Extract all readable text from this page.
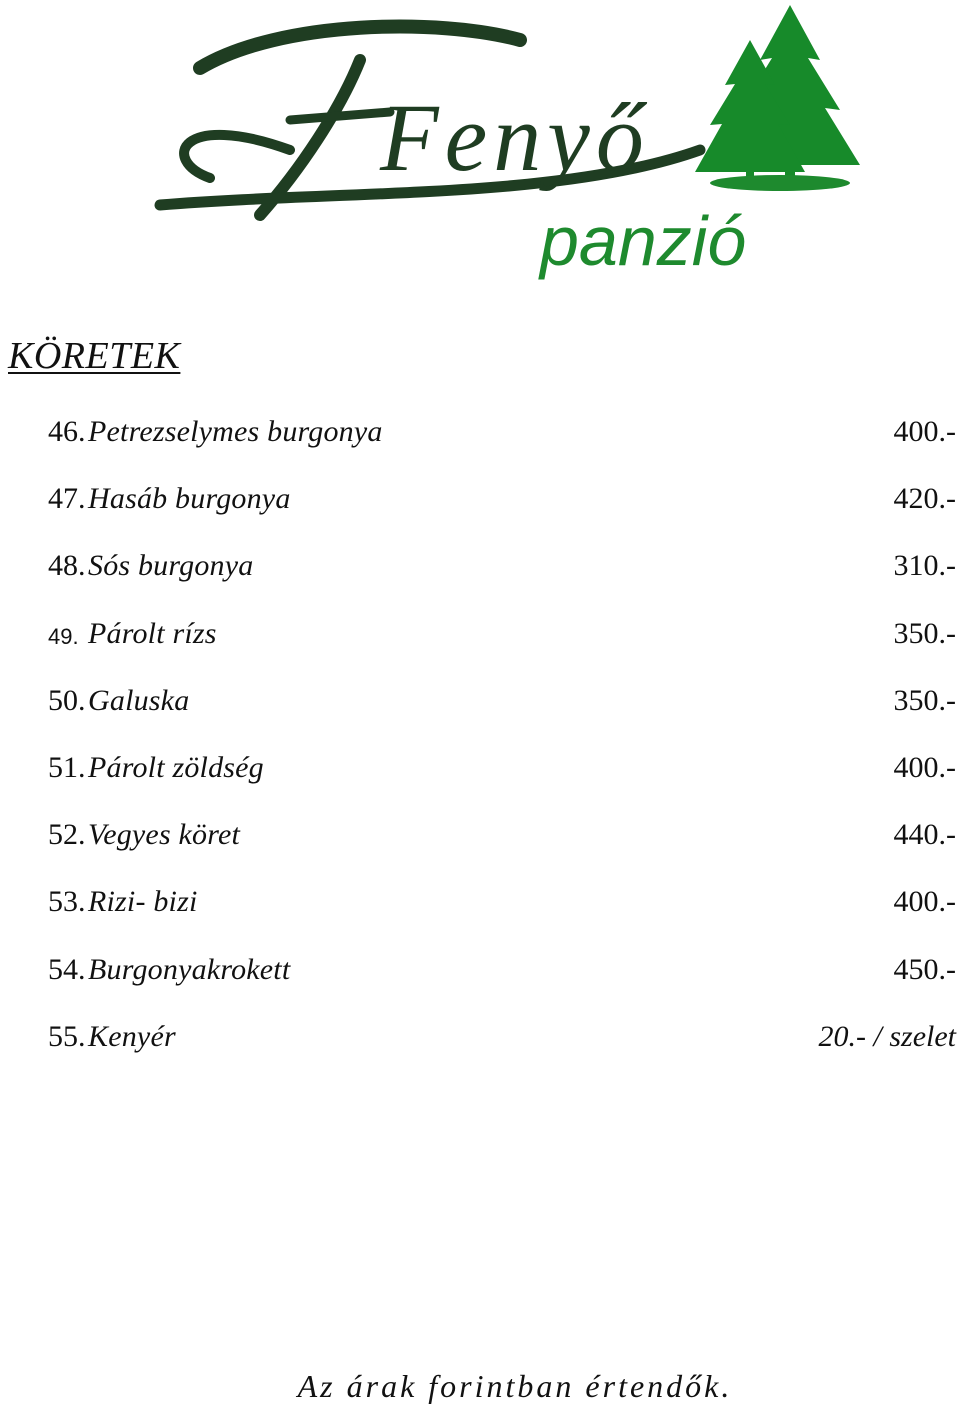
Fenyő
panzió
KÖRETEK
46. Petrezselymes burgonya	400.-
47. Hasáb burgonya	420.-
48. Sós burgonya	310.-
49. Párolt rízs	350.-
50. Galuska	350.-
51. Párolt zöldség	400.-
52. Vegyes köret	440.-
53. Rizi- bizi	400.-
54. Burgonyakrokett	450.-
55. Kenyér	20.- / szelet

Az árak forintban értendők.
